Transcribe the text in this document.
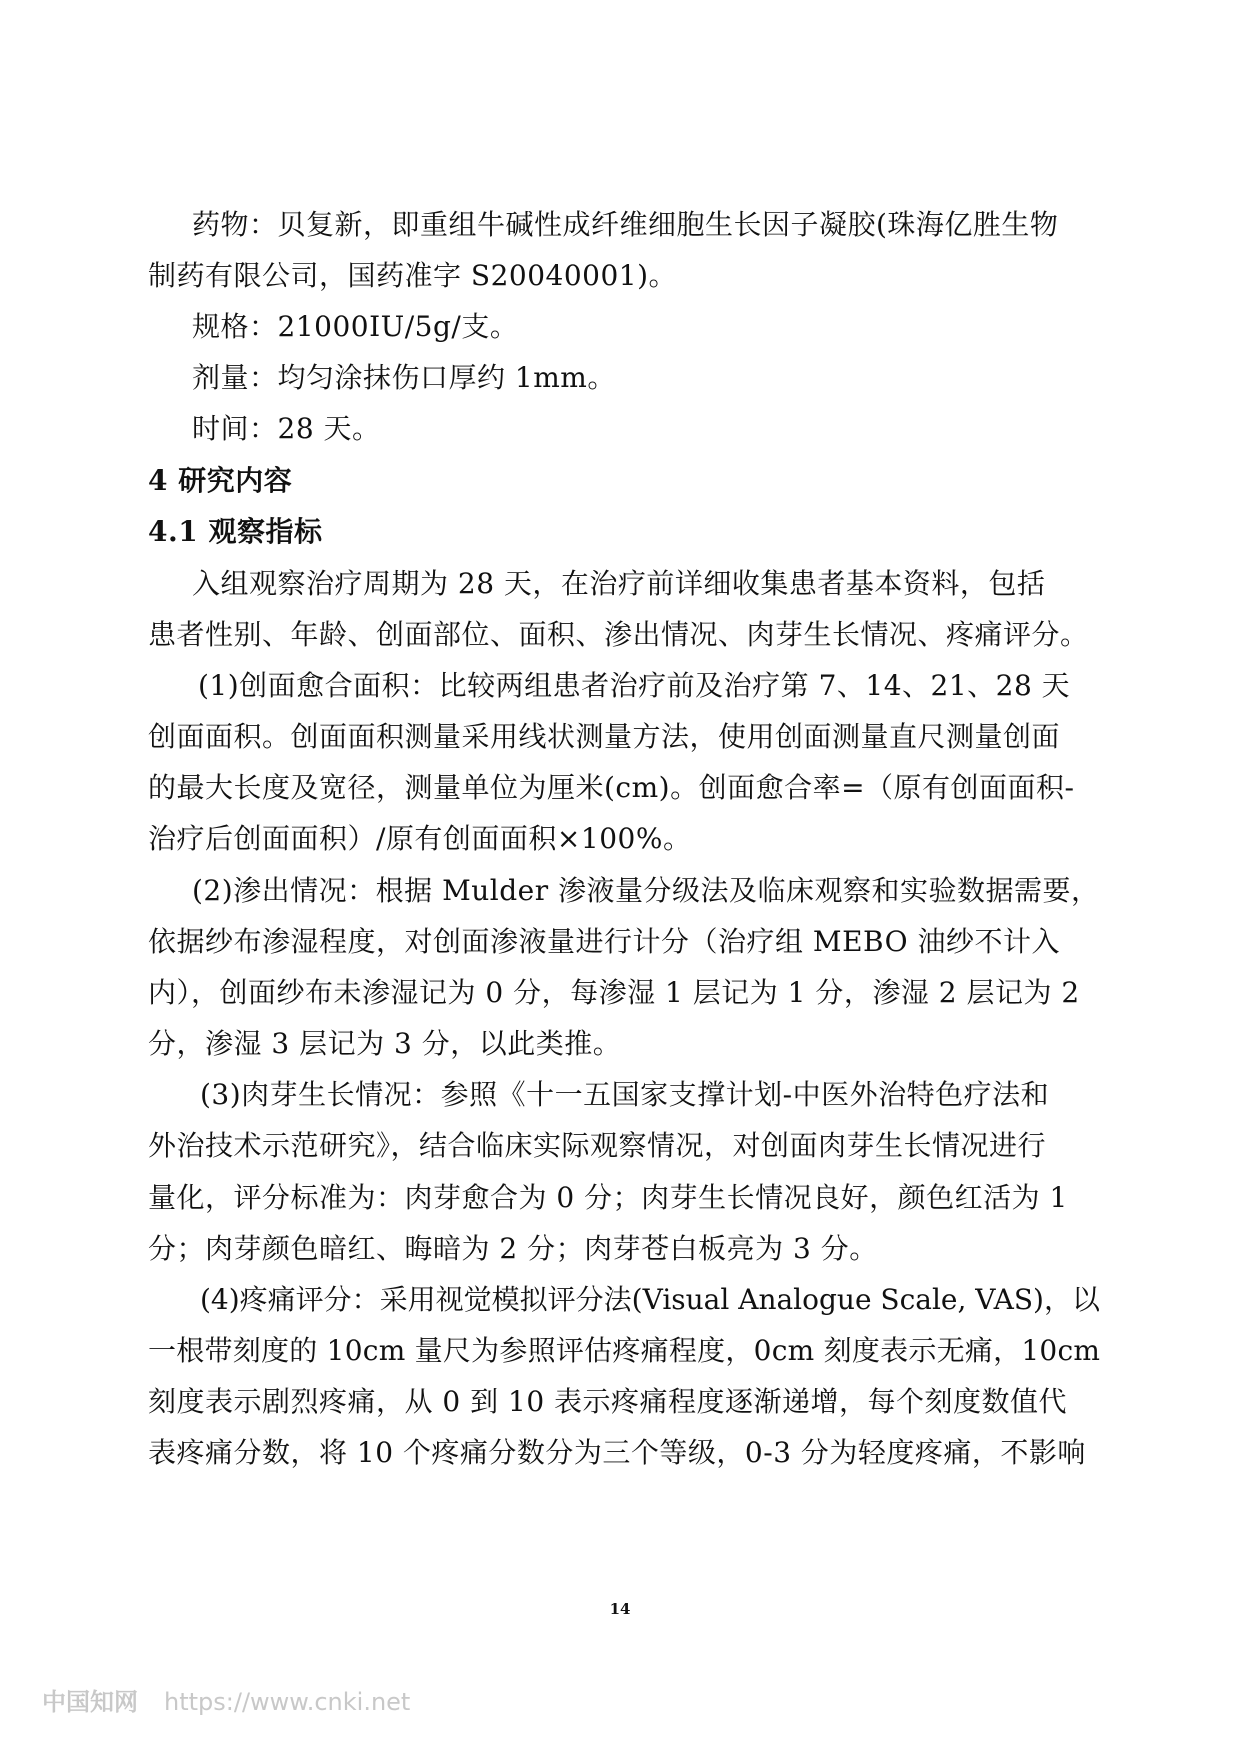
药物：贝复新，即重组牛碱性成纤维细胞生长因子凝胶(珠海亿胜生物
制药有限公司，国药准字 S20040001)。
规格：21000IU/5g/支。
剂量：均匀涂抹伤口厚约 1mm。
时间：28 天。
4 研究内容
4.1 观察指标
入组观察治疗周期为 28 天，在治疗前详细收集患者基本资料，包括
患者性别、年龄、创面部位、面积、渗出情况、肉芽生长情况、疼痛评分。
(1)创面愈合面积：比较两组患者治疗前及治疗第 7、14、21、28 天
创面面积。创面面积测量采用线状测量方法，使用创面测量直尺测量创面
的最大长度及宽径，测量单位为厘米(cm)。创面愈合率=（原有创面面积-
治疗后创面面积）/原有创面面积×100%。
(2)渗出情况：根据 Mulder 渗液量分级法及临床观察和实验数据需要，
依据纱布渗湿程度，对创面渗液量进行计分（治疗组 MEBO 油纱不计入
内），创面纱布未渗湿记为 0 分，每渗湿 1 层记为 1 分，渗湿 2 层记为 2
分，渗湿 3 层记为 3 分，以此类推。
(3)肉芽生长情况：参照《十一五国家支撑计划-中医外治特色疗法和
外治技术示范研究》，结合临床实际观察情况，对创面肉芽生长情况进行
量化，评分标准为：肉芽愈合为 0 分；肉芽生长情况良好，颜色红活为 1
分；肉芽颜色暗红、晦暗为 2 分；肉芽苍白板亮为 3 分。
(4)疼痛评分：采用视觉模拟评分法(Visual Analogue Scale, VAS)，以
一根带刻度的 10cm 量尺为参照评估疼痛程度，0cm 刻度表示无痛，10cm
刻度表示剧烈疼痛，从 0 到 10 表示疼痛程度逐渐递增，每个刻度数值代
表疼痛分数，将 10 个疼痛分数分为三个等级，0-3 分为轻度疼痛，不影响
14
中国知网 https://www.cnki.net
